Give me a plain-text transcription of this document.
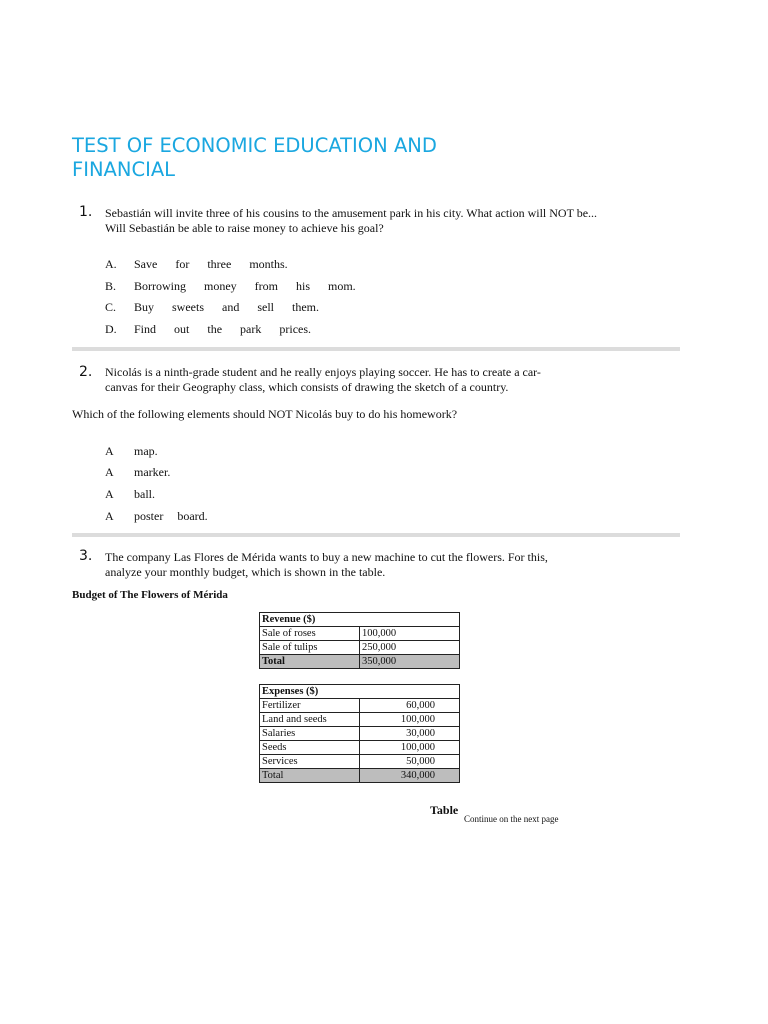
TEST OF ECONOMIC EDUCATION AND
FINANCIAL
1. Sebastián will invite three of his cousins to the amusement park in his city. What action will NOT be...
Will Sebastián be able to raise money to achieve his goal?
A.	Save for three months.
B.	Borrowing money from his mom.
C.	Buy sweets and sell them.
D.	Find out the park prices.
2. Nicolás is a ninth-grade student and he really enjoys playing soccer. He has to create a car-
canvas for their Geography class, which consists of drawing the sketch of a country.
Which of the following elements should NOT Nicolás buy to do his homework?
A	map.
A	marker.
A	ball.
A	poster board.
3. The company Las Flores de Mérida wants to buy a new machine to cut the flowers. For this,
analyze your monthly budget, which is shown in the table.
Budget of The Flowers of Mérida
Revenue ($)	
Sale of roses	100,000
Sale of tulips	250,000
Total	350,000
Expenses ($)	
Fertilizer	60,000
Land and seeds	100,000
Salaries	30,000
Seeds	100,000
Services	50,000
Total	340,000
Table
Continue on the next page
